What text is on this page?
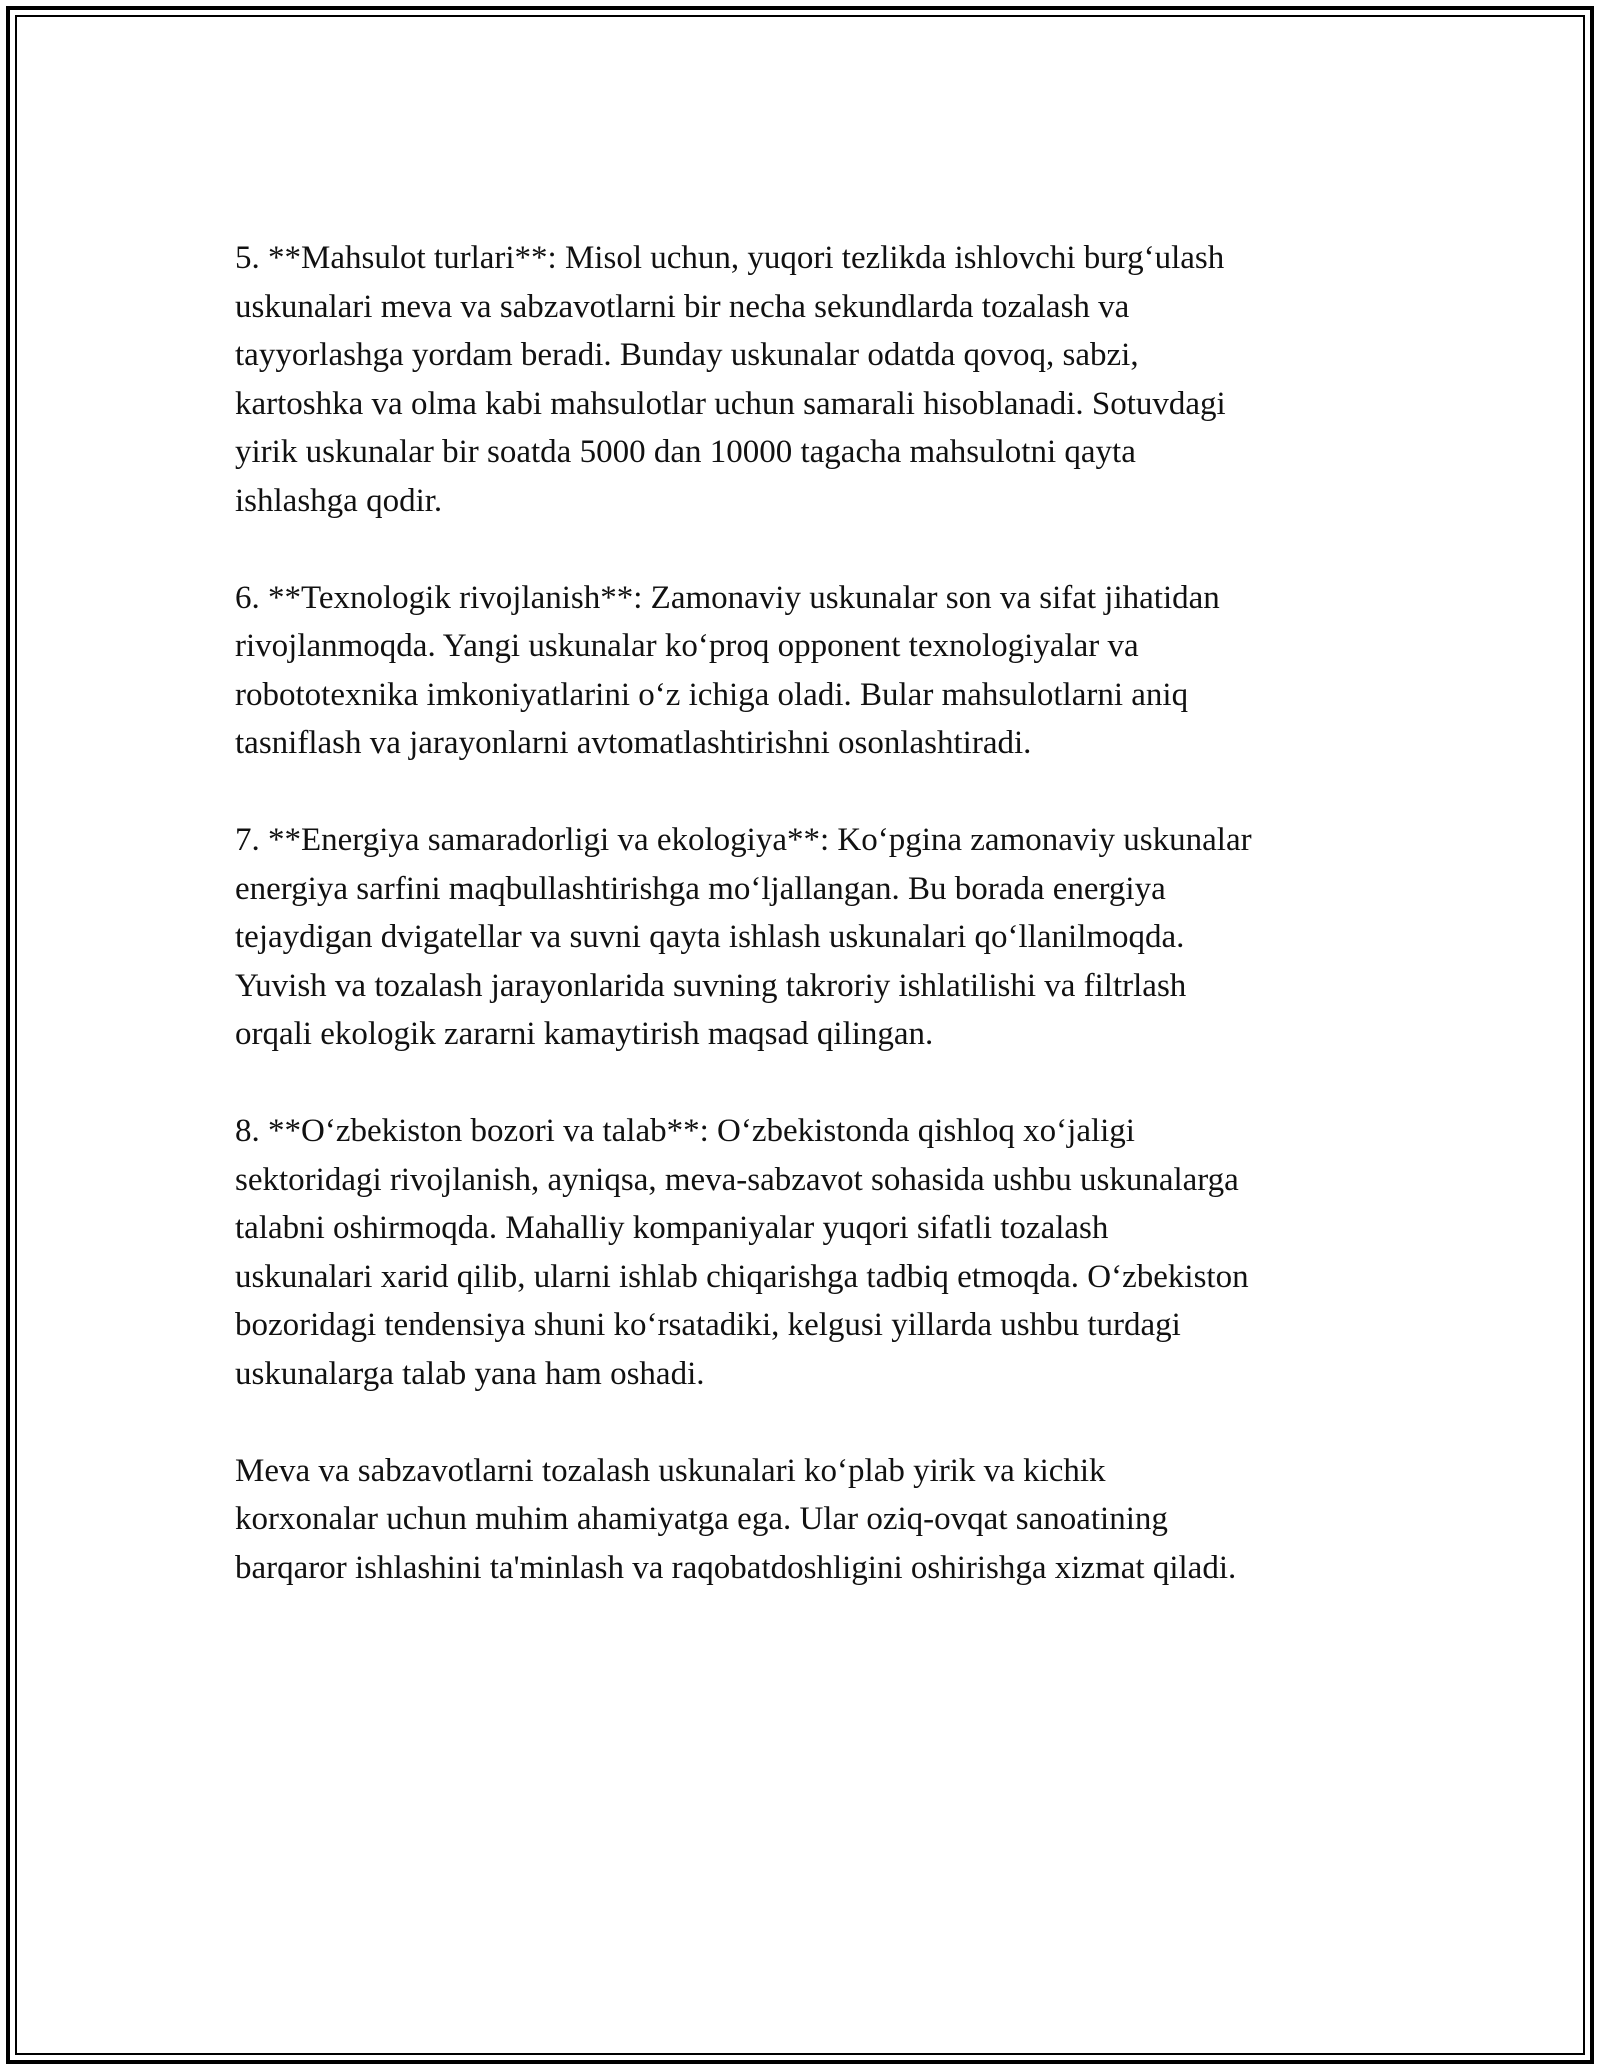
5. **Mahsulot turlari**: Misol uchun, yuqori tezlikda ishlovchi burg‘ulash
uskunalari meva va sabzavotlarni bir necha sekundlarda tozalash va
tayyorlashga yordam beradi. Bunday uskunalar odatda qovoq, sabzi,
kartoshka va olma kabi mahsulotlar uchun samarali hisoblanadi. Sotuvdagi
yirik uskunalar bir soatda 5000 dan 10000 tagacha mahsulotni qayta
ishlashga qodir.

6. **Texnologik rivojlanish**: Zamonaviy uskunalar son va sifat jihatidan
rivojlanmoqda. Yangi uskunalar ko‘proq opponent texnologiyalar va
robototexnika imkoniyatlarini o‘z ichiga oladi. Bular mahsulotlarni aniq
tasniflash va jarayonlarni avtomatlashtirishni osonlashtiradi.

7. **Energiya samaradorligi va ekologiya**: Ko‘pgina zamonaviy uskunalar
energiya sarfini maqbullashtirishga mo‘ljallangan. Bu borada energiya
tejaydigan dvigatellar va suvni qayta ishlash uskunalari qo‘llanilmoqda.
Yuvish va tozalash jarayonlarida suvning takroriy ishlatilishi va filtrlash
orqali ekologik zararni kamaytirish maqsad qilingan.

8. **O‘zbekiston bozori va talab**: O‘zbekistonda qishloq xo‘jaligi
sektoridagi rivojlanish, ayniqsa, meva-sabzavot sohasida ushbu uskunalarga
talabni oshirmoqda. Mahalliy kompaniyalar yuqori sifatli tozalash
uskunalari xarid qilib, ularni ishlab chiqarishga tadbiq etmoqda. O‘zbekiston
bozoridagi tendensiya shuni ko‘rsatadiki, kelgusi yillarda ushbu turdagi
uskunalarga talab yana ham oshadi.

Meva va sabzavotlarni tozalash uskunalari ko‘plab yirik va kichik
korxonalar uchun muhim ahamiyatga ega. Ular oziq-ovqat sanoatining
barqaror ishlashini ta'minlash va raqobatdoshligini oshirishga xizmat qiladi.
